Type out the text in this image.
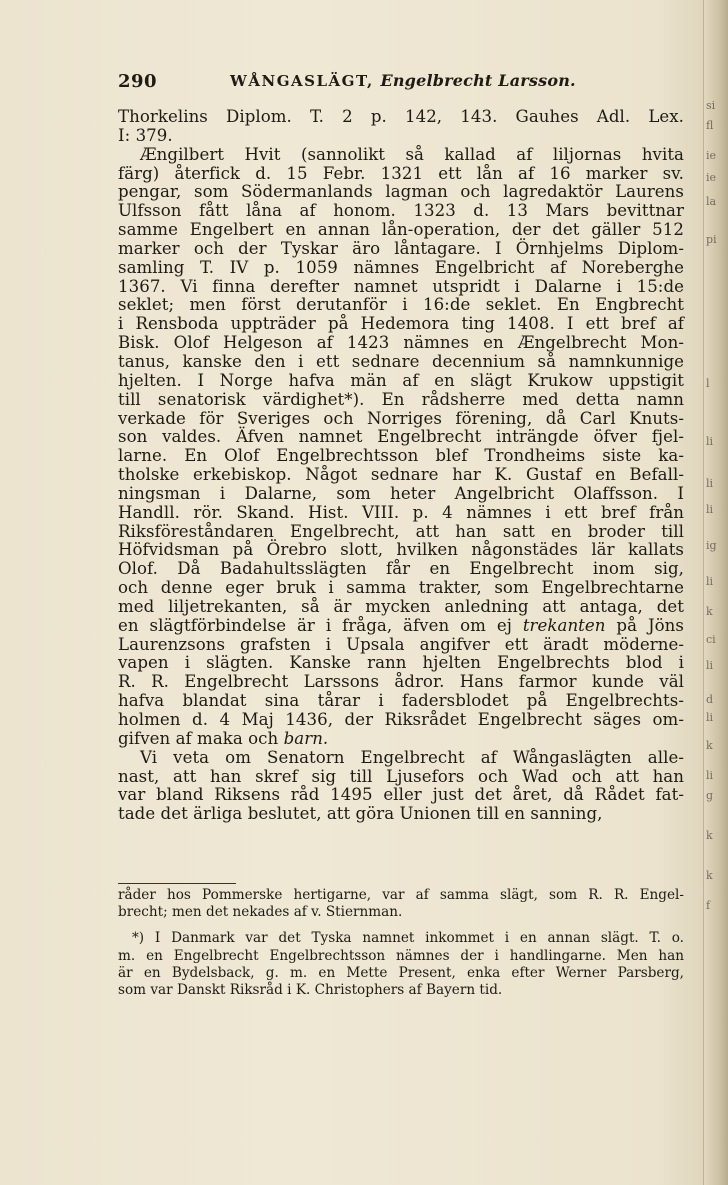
si
fl
ie
ie
la
pi
l
li
li
li
ig
li
k
ci
li
d
li
k
li
g
k
k
f
290	WÅNGASLÄGT, Engelbrecht Larsson.
Thorkelins Diplom. T. 2 p. 142, 143. Gauhes Adl. Lex.
I: 379.
Ængilbert Hvit (sannolikt så kallad af liljornas hvita
färg) återfick d. 15 Febr. 1321 ett lån af 16 marker sv.
pengar, som Södermanlands lagman och lagredaktör Laurens
Ulfsson fått låna af honom. 1323 d. 13 Mars bevittnar
samme Engelbert en annan lån-operation, der det gäller 512
marker och der Tyskar äro låntagare. I Örnhjelms Diplom-
samling T. IV p. 1059 nämnes Engelbricht af Noreberghe
1367. Vi finna derefter namnet utspridt i Dalarne i 15:de
seklet; men först derutanför i 16:de seklet. En Engbrecht
i Rensboda uppträder på Hedemora ting 1408. I ett bref af
Bisk. Olof Helgeson af 1423 nämnes en Ængelbrecht Mon-
tanus, kanske den i ett sednare decennium så namnkunnige
hjelten. I Norge hafva män af en slägt Krukow uppstigit
till senatorisk värdighet*). En rådsherre med detta namn
verkade för Sveriges och Norriges förening, då Carl Knuts-
son valdes. Äfven namnet Engelbrecht inträngde öfver fjel-
larne. En Olof Engelbrechtsson blef Trondheims siste ka-
tholske erkebiskop. Något sednare har K. Gustaf en Befall-
ningsman i Dalarne, som heter Angelbricht Olaffsson. I
Handll. rör. Skand. Hist. VIII. p. 4 nämnes i ett bref från
Riksföreståndaren Engelbrecht, att han satt en broder till
Höfvidsman på Örebro slott, hvilken någonstädes lär kallats
Olof. Då Badahultsslägten får en Engelbrecht inom sig,
och denne eger bruk i samma trakter, som Engelbrechtarne
med liljetrekanten, så är mycken anledning att antaga, det
en slägtförbindelse är i fråga, äfven om ej trekanten på Jöns
Laurenzsons grafsten i Upsala angifver ett äradt möderne-
vapen i slägten. Kanske rann hjelten Engelbrechts blod i
R. R. Engelbrecht Larssons ådror. Hans farmor kunde väl
hafva blandat sina tårar i fadersblodet på Engelbrechts-
holmen d. 4 Maj 1436, der Riksrådet Engelbrecht säges om-
gifven af maka och barn.
Vi veta om Senatorn Engelbrecht af Wångaslägten alle-
nast, att han skref sig till Ljusefors och Wad och att han
var bland Riksens råd 1495 eller just det året, då Rådet fat-
tade det ärliga beslutet, att göra Unionen till en sanning,
råder hos Pommerske hertigarne, var af samma slägt, som R. R. Engel-
brecht; men det nekades af v. Stiernman.
*) I Danmark var det Tyska namnet inkommet i en annan slägt. T. o.
m. en Engelbrecht Engelbrechtsson nämnes der i handlingarne. Men han
är en Bydelsback, g. m. en Mette Present, enka efter Werner Parsberg,
som var Danskt Riksråd i K. Christophers af Bayern tid.
